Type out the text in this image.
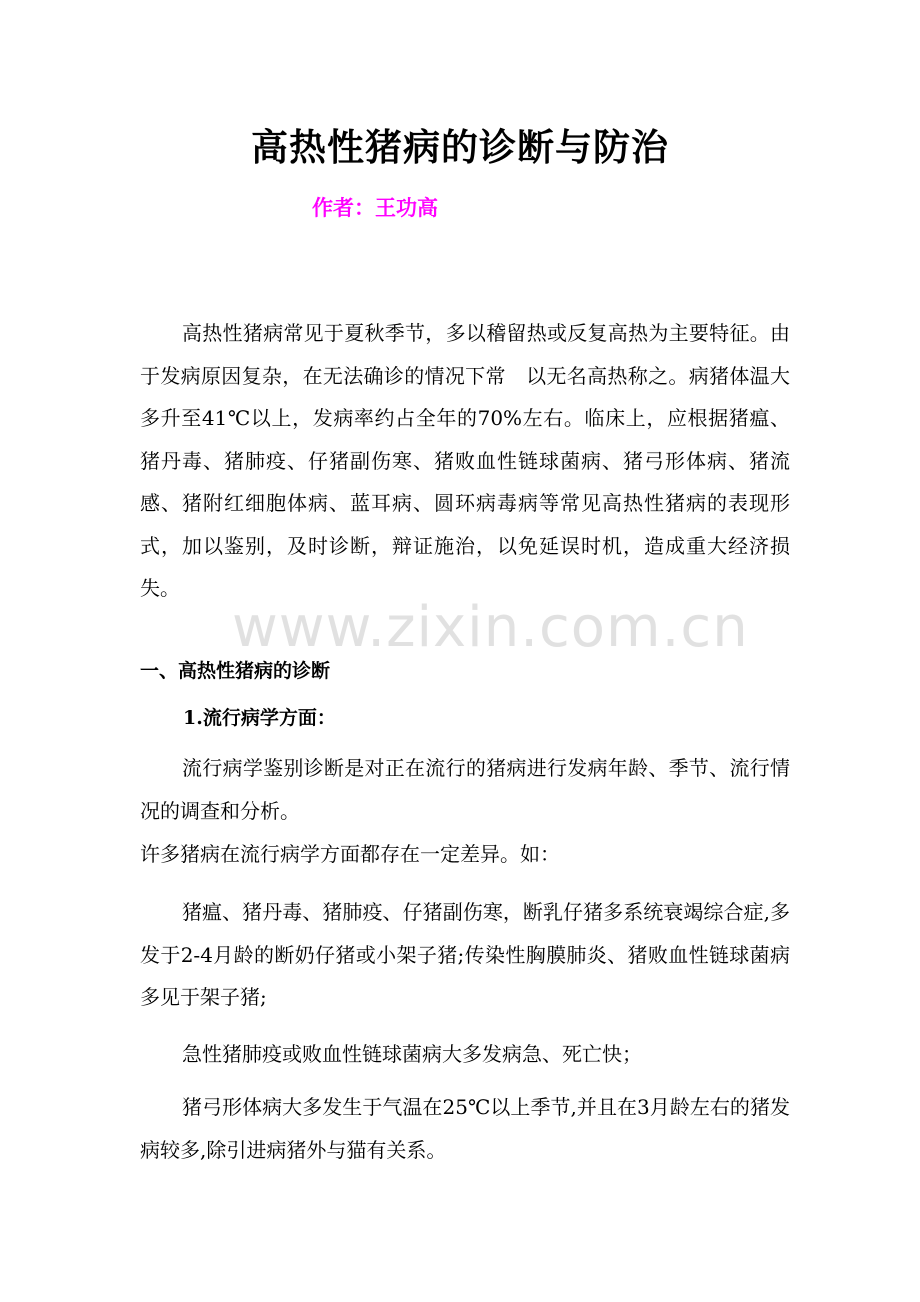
高热性猪病的诊断与防治
作者：王功高
高热性猪病常见于夏秋季节，多以稽留热或反复高热为主要特征。由于发病原因复杂，在无法确诊的情况下常　以无名高热称之。病猪体温大多升至41℃以上，发病率约占全年的70%左右。临床上，应根据猪瘟、猪丹毒、猪肺疫、仔猪副伤寒、猪败血性链球菌病、猪弓形体病、猪流感、猪附红细胞体病、蓝耳病、圆环病毒病等常见高热性猪病的表现形式，加以鉴别，及时诊断，辩证施治，以免延误时机，造成重大经济损失。
www.zixin.com.cn
一、高热性猪病的诊断
1.流行病学方面：
流行病学鉴别诊断是对正在流行的猪病进行发病年龄、季节、流行情况的调查和分析。
许多猪病在流行病学方面都存在一定差异。如：
猪瘟、猪丹毒、猪肺疫、仔猪副伤寒，断乳仔猪多系统衰竭综合症,多发于2-4月龄的断奶仔猪或小架子猪;传染性胸膜肺炎、猪败血性链球菌病多见于架子猪;
急性猪肺疫或败血性链球菌病大多发病急、死亡快；
猪弓形体病大多发生于气温在25℃以上季节,并且在3月龄左右的猪发病较多,除引进病猪外与猫有关系。
